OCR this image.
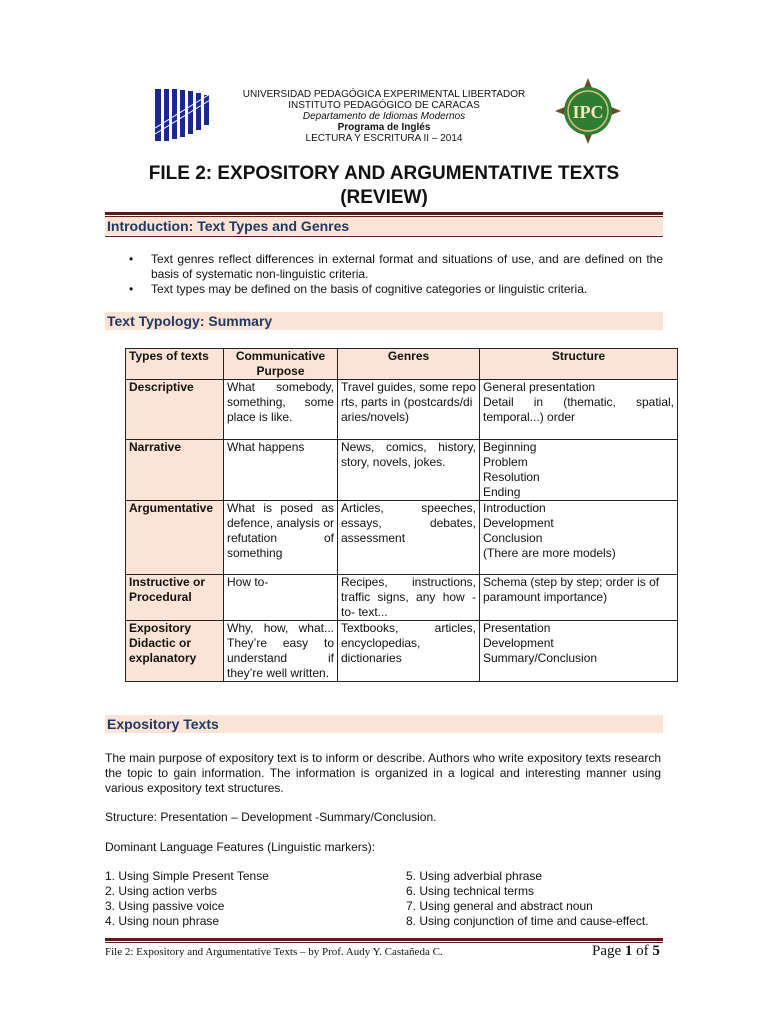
UNIVERSIDAD PEDAGÓGICA EXPERIMENTAL LIBERTADOR
INSTITUTO PEDAGÓGICO DE CARACAS
Departamento de Idiomas Modernos
Programa de Inglés
LECTURA Y ESCRITURA II – 2014
IPC
FILE 2: EXPOSITORY AND ARGUMENTATIVE TEXTS
(REVIEW)
Introduction: Text Types and Genres
• Text genres reflect differences in external format and situations of use, and are defined on the basis of systematic non-linguistic criteria.
• Text types may be defined on the basis of cognitive categories or linguistic criteria.
Text Typology: Summary
Types of texts	Communicative Purpose	Genres	Structure
Descriptive	What somebody, something, some place is like.	Travel guides, some reports, parts in (postcards/diaries/novels)	General presentation
Detail in (thematic, spatial, temporal...) order

Narrative	What happens	News, comics, history, story, novels, jokes.	Beginning
Problem
Resolution
Ending

Argumentative	What is posed as defence, analysis or refutation of something	Articles, speeches, essays, debates, assessment	Introduction
Development
Conclusion
(There are more models)

Instructive or Procedural	How to-	Recipes, instructions, traffic signs, any how - to- text...	Schema (step by step; order is of paramount importance)

Expository Didactic or explanatory	Why, how, what... They’re easy to understand if they’re well written.	Textbooks, articles, encyclopedias, dictionaries	Presentation
Development
Summary/Conclusion
Expository Texts
The main purpose of expository text is to inform or describe. Authors who write expository texts research the topic to gain information. The information is organized in a logical and interesting manner using various expository text structures.
Structure: Presentation – Development -Summary/Conclusion.
Dominant Language Features (Linguistic markers):
1. Using Simple Present Tense
2. Using action verbs
3. Using passive voice
4. Using noun phrase
5. Using adverbial phrase
6. Using technical terms
7. Using general and abstract noun
8. Using conjunction of time and cause-effect.
File 2: Expository and Argumentative Texts – by Prof. Audy Y. Castañeda C.	Page 1 of 5
